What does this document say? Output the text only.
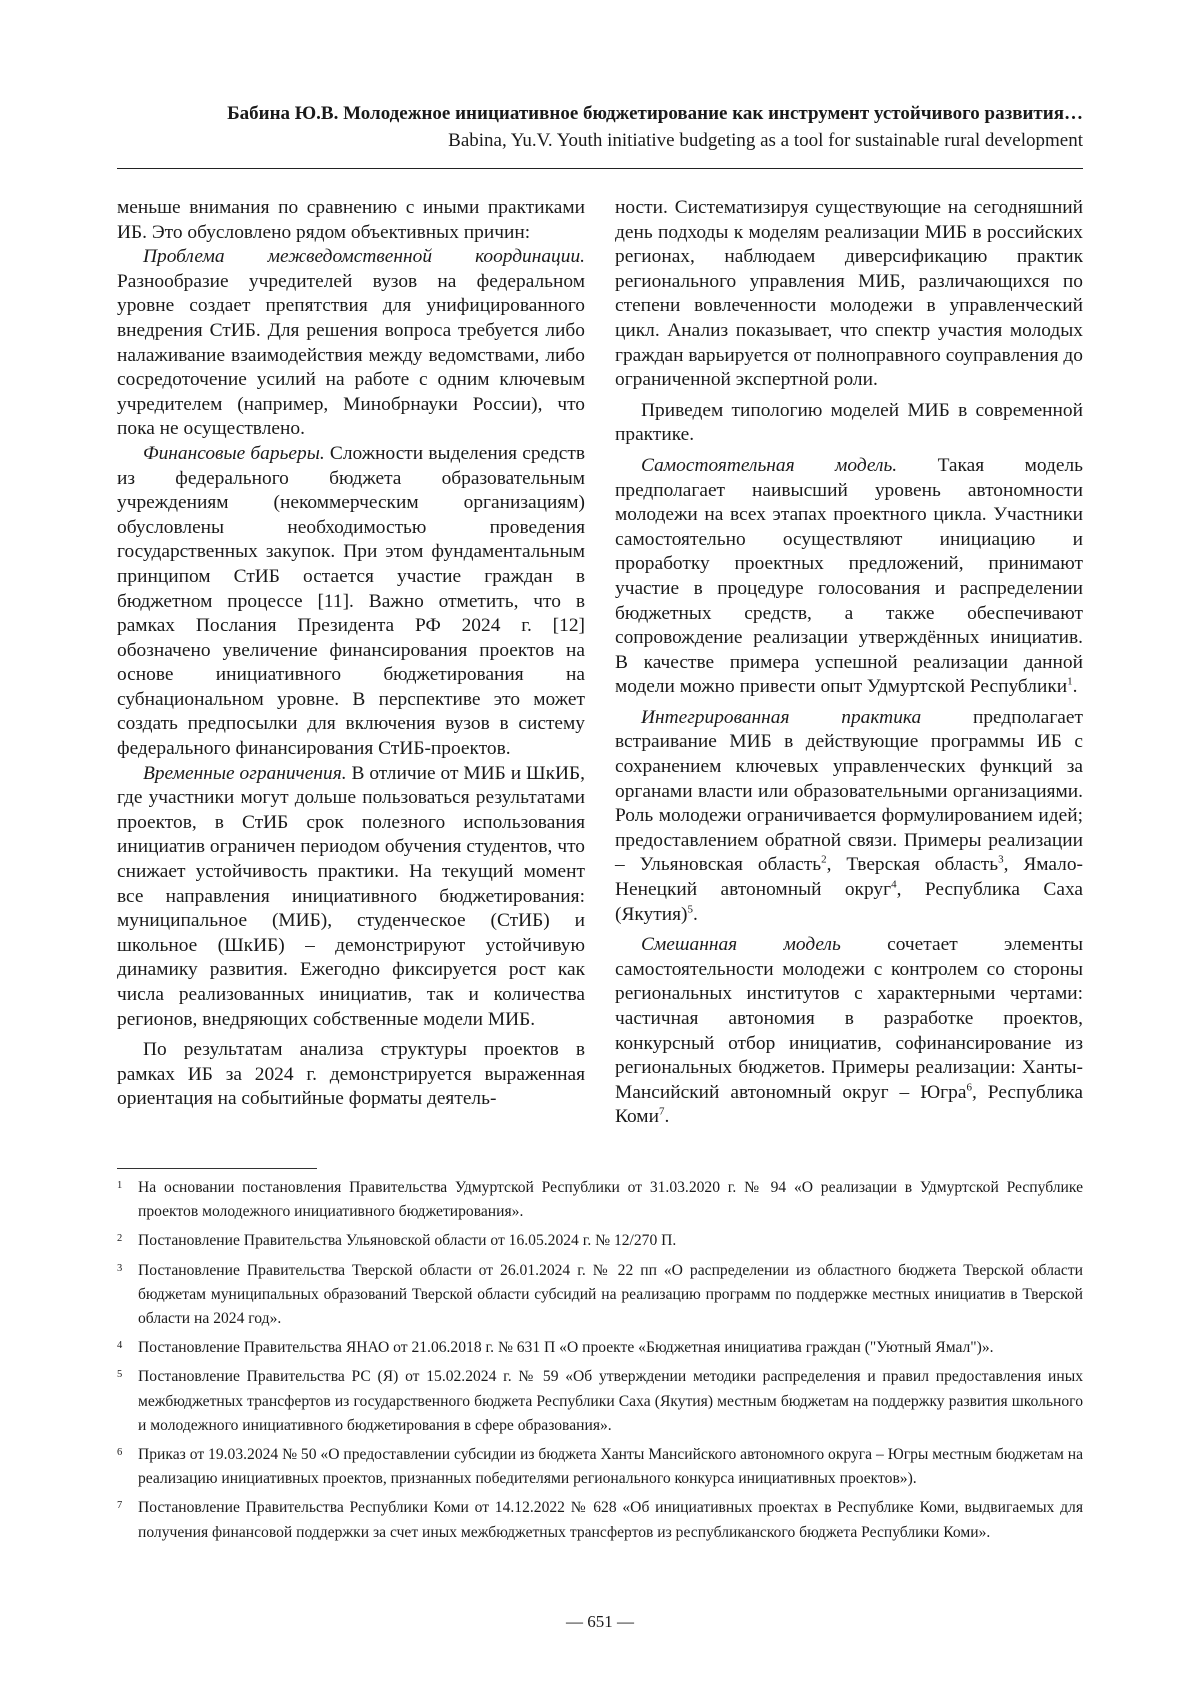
Бабина Ю.В. Молодежное инициативное бюджетирование как инструмент устойчивого развития…
Babina, Yu.V. Youth initiative budgeting as a tool for sustainable rural development

меньше внимания по сравнению с иными практиками ИБ. Это обусловлено рядом объективных причин:

Проблема межведомственной координации. Разнообразие учредителей вузов на федеральном уровне создает препятствия для унифицированного внедрения СтИБ. Для решения вопроса требуется либо налаживание взаимодействия между ведомствами, либо сосредоточение усилий на работе с одним ключевым учредителем (например, Минобрнауки России), что пока не осуществлено.

Финансовые барьеры. Сложности выделения средств из федерального бюджета образовательным учреждениям (некоммерческим организациям) обусловлены необходимостью проведения государственных закупок. При этом фундаментальным принципом СтИБ остается участие граждан в бюджетном процессе [11]. Важно отметить, что в рамках Послания Президента РФ 2024 г. [12] обозначено увеличение финансирования проектов на основе инициативного бюджетирования на субнациональном уровне. В перспективе это может создать предпосылки для включения вузов в систему федерального финансирования СтИБ-проектов.

Временные ограничения. В отличие от МИБ и ШкИБ, где участники могут дольше пользоваться результатами проектов, в СтИБ срок полезного использования инициатив ограничен периодом обучения студентов, что снижает устойчивость практики. На текущий момент все направления инициативного бюджетирования: муниципальное (МИБ), студенческое (СтИБ) и школьное (ШкИБ) – демонстрируют устойчивую динамику развития. Ежегодно фиксируется рост как числа реализованных инициатив, так и количества регионов, внедряющих собственные модели МИБ.

По результатам анализа структуры проектов в рамках ИБ за 2024 г. демонстрируется выраженная ориентация на событийные форматы деятель-

ности. Систематизируя существующие на сегодняшний день подходы к моделям реализации МИБ в российских регионах, наблюдаем диверсификацию практик регионального управления МИБ, различающихся по степени вовлеченности молодежи в управленческий цикл. Анализ показывает, что спектр участия молодых граждан варьируется от полноправного соуправления до ограниченной экспертной роли.

Приведем типологию моделей МИБ в современной практике.

Самостоятельная модель. Такая модель предполагает наивысший уровень автономности молодежи на всех этапах проектного цикла. Участники самостоятельно осуществляют инициацию и проработку проектных предложений, принимают участие в процедуре голосования и распределении бюджетных средств, а также обеспечивают сопровождение реализации утверждённых инициатив. В качестве примера успешной реализации данной модели можно привести опыт Удмуртской Республики$^1$.

Интегрированная практика	предполагает встраивание МИБ в действующие программы ИБ с сохранением ключевых управленческих функций за органами власти или образовательными организациями. Роль молодежи ограничивается формулированием идей; предоставлением обратной связи. Примеры реализации – Ульяновская область$^2$, Тверская область$^3$, Ямало-Ненецкий автономный округ$^4$, Республика Саха (Якутия)$^5$.

Смешанная модель сочетает элементы самостоятельности молодежи с контролем со стороны региональных институтов с характерными чертами: частичная автономия в разработке проектов, конкурсный отбор инициатив, софинансирование из региональных бюджетов. Примеры реализации: Ханты-Мансийский автономный округ – Югра$^6$, Республика Коми$^7$.

1 На основании постановления Правительства Удмуртской Республики от 31.03.2020 г. № 94 «О реализации в Удмуртской Республике проектов молодежного инициативного бюджетирования».
2 Постановление Правительства Ульяновской области от 16.05.2024 г. № 12/270 П.
3 Постановление Правительства Тверской области от 26.01.2024 г. № 22 пп «О распределении из областного бюджета Тверской области бюджетам муниципальных образований Тверской области субсидий на реализацию программ по поддержке местных инициатив в Тверской области на 2024 год».
4 Постановление Правительства ЯНАО от 21.06.2018 г. № 631 П «О проекте «Бюджетная инициатива граждан ("Уютный Ямал")».
5 Постановление Правительства РС (Я) от 15.02.2024 г. № 59 «Об утверждении методики распределения и правил предоставления иных межбюджетных трансфертов из государственного бюджета Республики Саха (Якутия) местным бюджетам на поддержку развития школьного и молодежного инициативного бюджетирования в сфере образования».
6 Приказ от 19.03.2024 № 50 «О предоставлении субсидии из бюджета Ханты Мансийского автономного округа – Югры местным бюджетам на реализацию инициативных проектов, признанных победителями регионального конкурса инициативных проектов»).
7 Постановление Правительства Республики Коми от 14.12.2022 № 628 «Об инициативных проектах в Республике Коми, выдвигаемых для получения финансовой поддержки за счет иных межбюджетных трансфертов из республиканского бюджета Республики Коми».
— 651 —
